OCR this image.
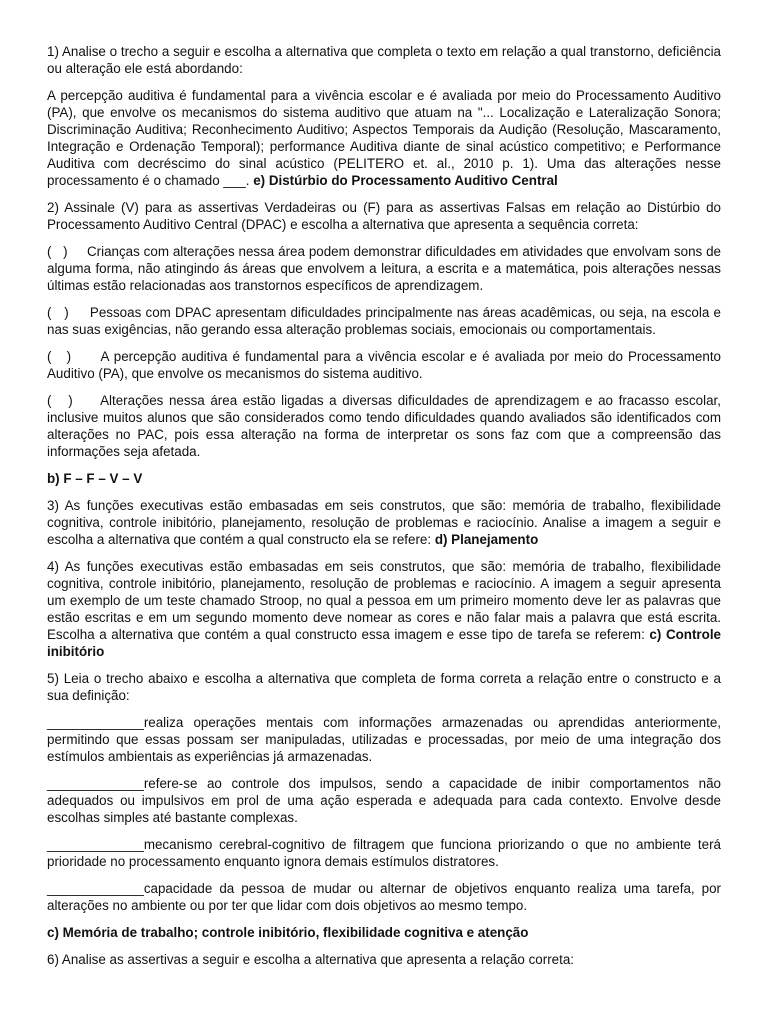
1) Analise o trecho a seguir e escolha a alternativa que completa o texto em relação a qual transtorno, deficiência ou alteração ele está abordando:

A percepção auditiva é fundamental para a vivência escolar e é avaliada por meio do Processamento Auditivo (PA), que envolve os mecanismos do sistema auditivo que atuam na "... Localização e Lateralização Sonora; Discriminação Auditiva; Reconhecimento Auditivo; Aspectos Temporais da Audição (Resolução, Mascaramento, Integração e Ordenação Temporal); performance Auditiva diante de sinal acústico competitivo; e Performance Auditiva com decréscimo do sinal acústico (PELITERO et. al., 2010 p. 1). Uma das alterações nesse processamento é o chamado ___. e) Distúrbio do Processamento Auditivo Central

2) Assinale (V) para as assertivas Verdadeiras ou (F) para as assertivas Falsas em relação ao Distúrbio do Processamento Auditivo Central (DPAC) e escolha a alternativa que apresenta a sequência correta:

(   )     Crianças com alterações nessa área podem demonstrar dificuldades em atividades que envolvam sons de alguma forma, não atingindo ás áreas que envolvem a leitura, a escrita e a matemática, pois alterações nessas últimas estão relacionadas aos transtornos específicos de aprendizagem.

(   )     Pessoas com DPAC apresentam dificuldades principalmente nas áreas acadêmicas, ou seja, na escola e nas suas exigências, não gerando essa alteração problemas sociais, emocionais ou comportamentais.

(   )      A percepção auditiva é fundamental para a vivência escolar e é avaliada por meio do Processamento Auditivo (PA), que envolve os mecanismos do sistema auditivo.

(   )     Alterações nessa área estão ligadas a diversas dificuldades de aprendizagem e ao fracasso escolar, inclusive muitos alunos que são considerados como tendo dificuldades quando avaliados são identificados com alterações no PAC, pois essa alteração na forma de interpretar os sons faz com que a compreensão das informações seja afetada.

b) F – F – V – V

3) As funções executivas estão embasadas em seis construtos, que são: memória de trabalho, flexibilidade cognitiva, controle inibitório, planejamento, resolução de problemas e raciocínio. Analise a imagem a seguir e escolha a alternativa que contém a qual constructo ela se refere: d) Planejamento

4) As funções executivas estão embasadas em seis construtos, que são: memória de trabalho, flexibilidade cognitiva, controle inibitório, planejamento, resolução de problemas e raciocínio. A imagem a seguir apresenta um exemplo de um teste chamado Stroop, no qual a pessoa em um primeiro momento deve ler as palavras que estão escritas e em um segundo momento deve nomear as cores e não falar mais a palavra que está escrita. Escolha a alternativa que contém a qual constructo essa imagem e esse tipo de tarefa se referem: c) Controle inibitório

5) Leia o trecho abaixo e escolha a alternativa que completa de forma correta a relação entre o constructo e a sua definição:

_____________realiza operações mentais com informações armazenadas ou aprendidas anteriormente, permitindo que essas possam ser manipuladas, utilizadas e processadas, por meio de uma integração dos estímulos ambientais as experiências já armazenadas.

_____________refere-se ao controle dos impulsos, sendo a capacidade de inibir comportamentos não adequados ou impulsivos em prol de uma ação esperada e adequada para cada contexto. Envolve desde escolhas simples até bastante complexas.

_____________mecanismo cerebral-cognitivo de filtragem que funciona priorizando o que no ambiente terá prioridade no processamento enquanto ignora demais estímulos distratores.

_____________capacidade da pessoa de mudar ou alternar de objetivos enquanto realiza uma tarefa, por alterações no ambiente ou por ter que lidar com dois objetivos ao mesmo tempo.

c) Memória de trabalho; controle inibitório, flexibilidade cognitiva e atenção

6) Analise as assertivas a seguir e escolha a alternativa que apresenta a relação correta:
